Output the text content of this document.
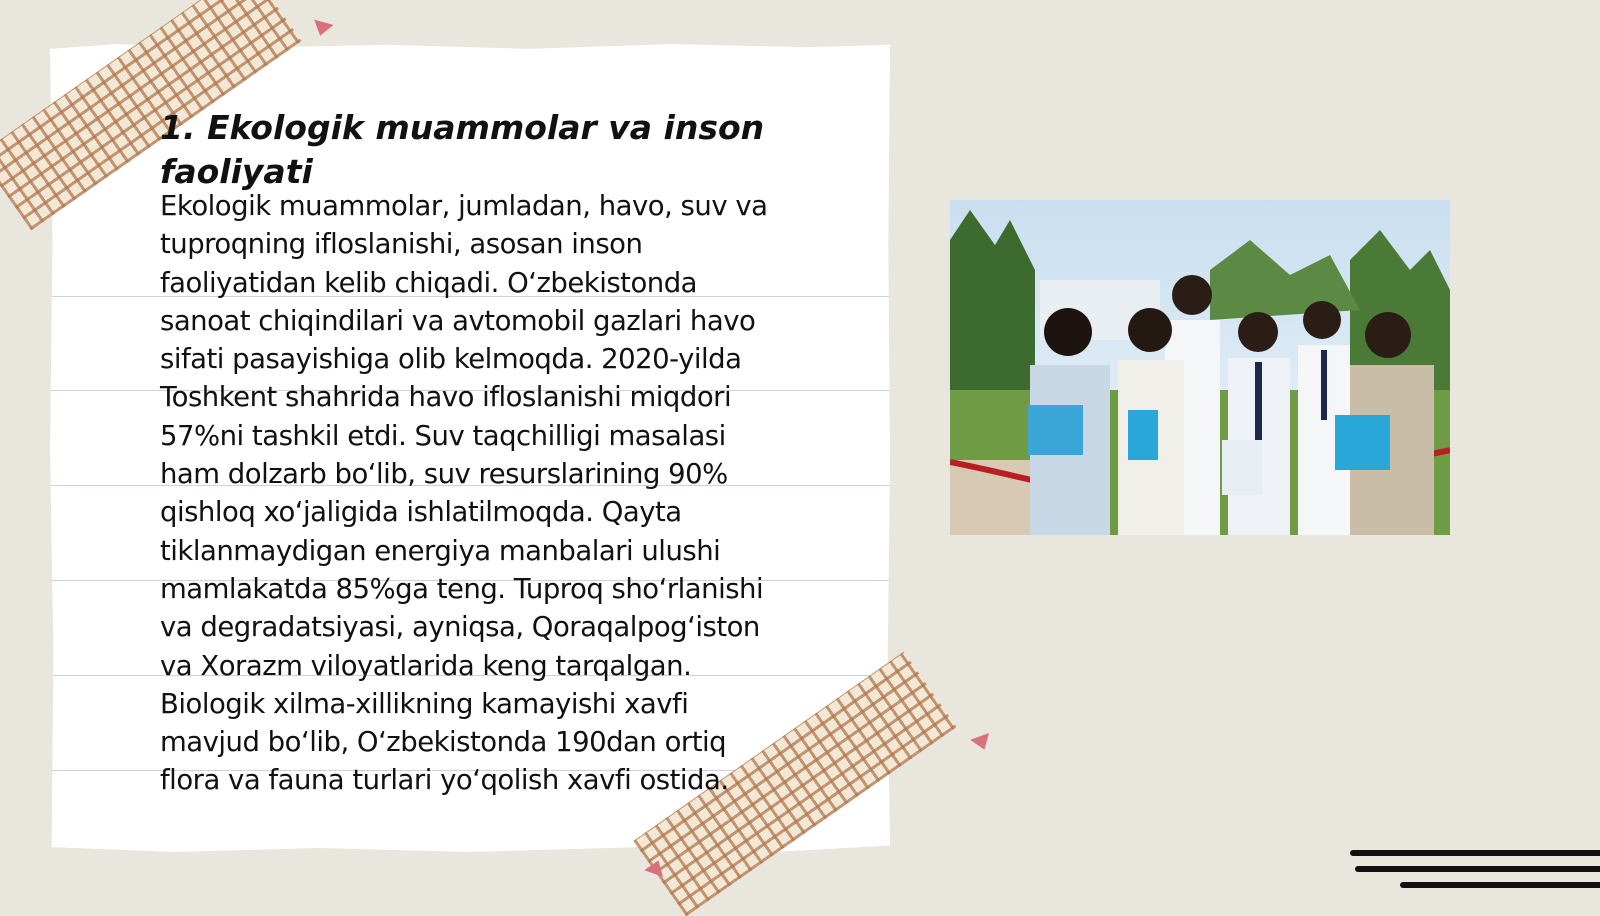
1. Ekologik muammolar va inson faoliyati
Ekologik muammolar, jumladan, havo, suv va
tuproqning ifloslanishi, asosan inson
faoliyatidan kelib chiqadi. O‘zbekistonda
sanoat chiqindilari va avtomobil gazlari havo
sifati pasayishiga olib kelmoqda. 2020-yilda
Toshkent shahrida havo ifloslanishi miqdori
57%ni tashkil etdi. Suv taqchilligi masalasi
ham dolzarb bo‘lib, suv resurslarining 90%
qishloq xo‘jaligida ishlatilmoqda. Qayta
tiklanmaydigan energiya manbalari ulushi
mamlakatda 85%ga teng. Tuproq sho‘rlanishi
va degradatsiyasi, ayniqsa, Qoraqalpog‘iston
va Xorazm viloyatlarida keng tarqalgan.
Biologik xilma-xillikning kamayishi xavfi
mavjud bo‘lib, O‘zbekistonda 190dan ortiq
flora va fauna turlari yo‘qolish xavfi ostida.
